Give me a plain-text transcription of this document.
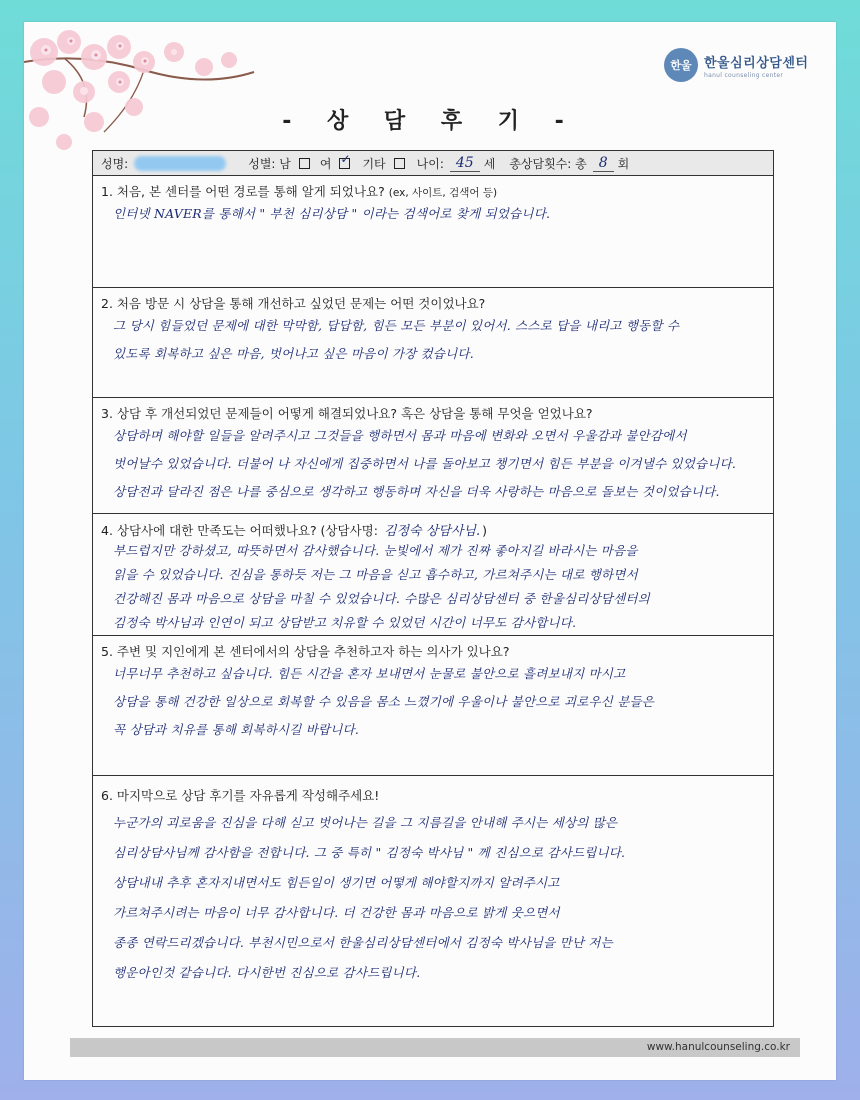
한울 한울심리상담센터
hanul counseling center
- 상 담 후 기 -
성명:	성별: 남 여
✓	기타	나이: 45 세 총상담횟수: 총 8 회
1. 처음, 본 센터를 어떤 경로를 통해 알게 되었나요? (ex, 사이트, 검색어 등)
인터넷 NAVER를 통해서 " 부천 심리상담 " 이라는 검색어로 찾게 되었습니다.
2. 처음 방문 시 상담을 통해 개선하고 싶었던 문제는 어떤 것이었나요?
그 당시 힘들었던 문제에 대한 막막함, 답답함, 힘든 모든 부분이 있어서. 스스로 답을 내리고 행동할 수
있도록 회복하고 싶은 마음, 벗어나고 싶은 마음이 가장 컸습니다.
3. 상담 후 개선되었던 문제들이 어떻게 해결되었나요? 혹은 상담을 통해 무엇을 얻었나요?
상담하며 해야할 일들을 알려주시고 그것들을 행하면서 몸과 마음에 변화와 오면서 우울감과 불안감에서
벗어날수 있었습니다. 더불어 나 자신에게 집중하면서 나를 돌아보고 챙기면서 힘든 부분을 이겨낼수 있었습니다.
상담전과 달라진 점은 나를 중심으로 생각하고 행동하며 자신을 더욱 사랑하는 마음으로 돌보는 것이었습니다.
4. 상담사에 대한 만족도는 어떠했나요? (상담사명: 김정숙 상담사님. )
부드럽지만 강하셨고, 따뜻하면서 감사했습니다. 눈빛에서 제가 진짜 좋아지길 바라시는 마음을
읽을 수 있었습니다. 진심을 통하듯 저는 그 마음을 싣고 흡수하고, 가르쳐주시는 대로 행하면서
건강해진 몸과 마음으로 상담을 마칠 수 있었습니다. 수많은 심리상담센터 중 한울심리상담센터의
김정숙 박사님과 인연이 되고 상담받고 치유할 수 있었던 시간이 너무도 감사합니다.
5. 주변 및 지인에게 본 센터에서의 상담을 추천하고자 하는 의사가 있나요?
너무너무 추천하고 싶습니다. 힘든 시간을 혼자 보내면서 눈물로 불안으로 흘려보내지 마시고
상담을 통해 건강한 일상으로 회복할 수 있음을 몸소 느꼈기에 우울이나 불안으로 괴로우신 분들은
꼭 상담과 치유를 통해 회복하시길 바랍니다.
6. 마지막으로 상담 후기를 자유롭게 작성해주세요!
누군가의 괴로움을 진심을 다해 싣고 벗어나는 길을 그 지름길을 안내해 주시는 세상의 많은
심리상담사님께 감사함을 전합니다. 그 중 특히 " 김정숙 박사님 " 께 진심으로 감사드립니다.
상담내내 추후 혼자지내면서도 힘든일이 생기면 어떻게 해야할지까지 알려주시고
가르쳐주시려는 마음이 너무 감사합니다. 더 건강한 몸과 마음으로 밝게 웃으면서
종종 연락드리겠습니다. 부천시민으로서 한울심리상담센터에서 김정숙 박사님을 만난 저는
행운아인것 같습니다. 다시한번 진심으로 감사드립니다.
www.hanulcounseling.co.kr
